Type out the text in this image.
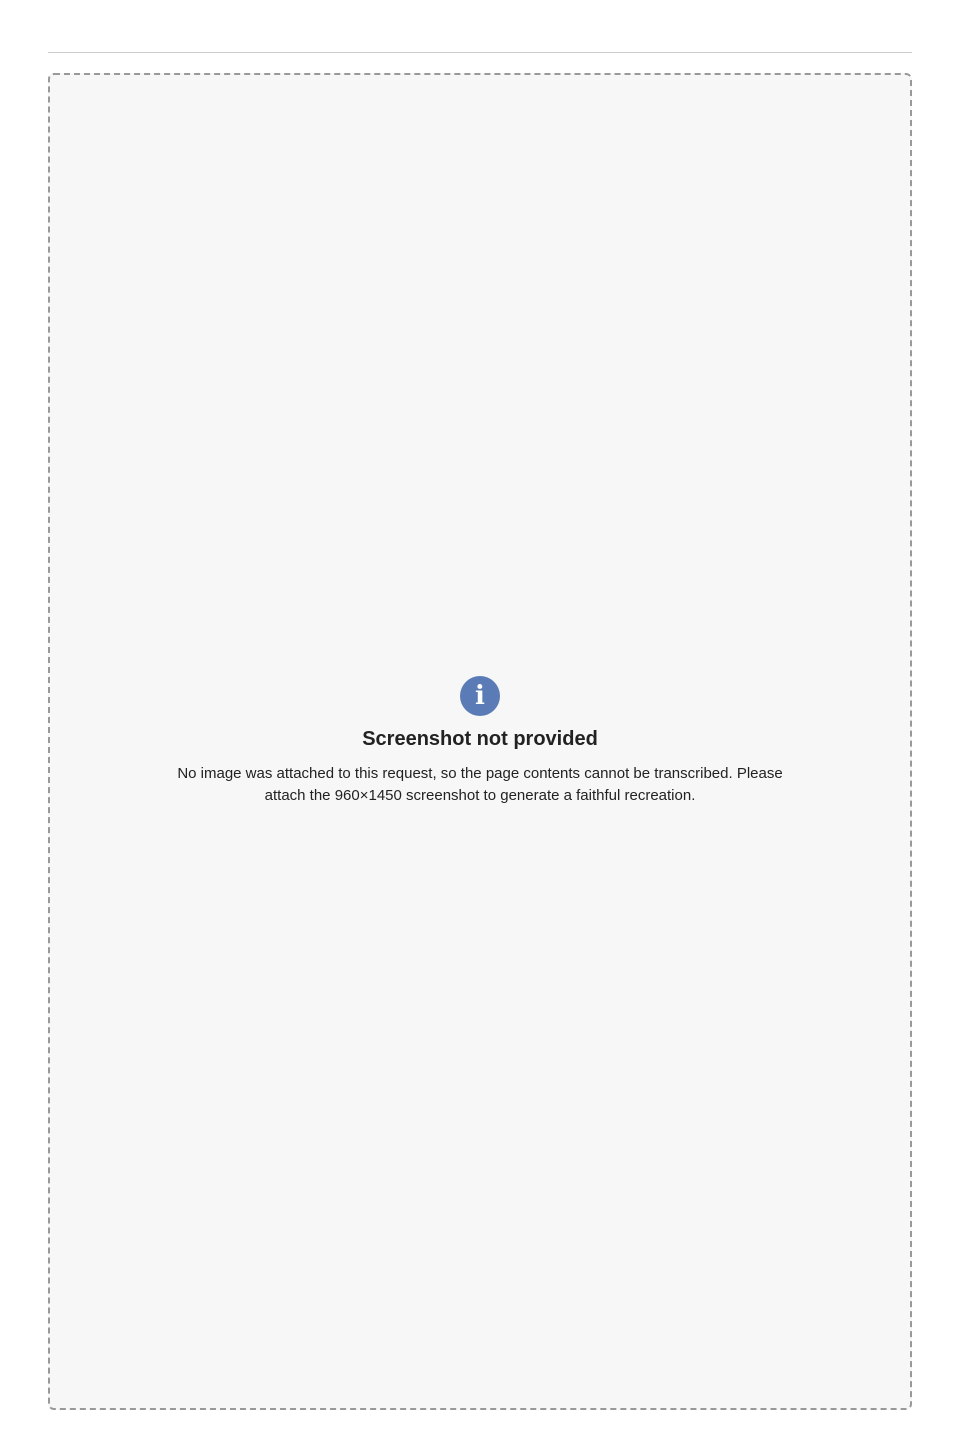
i

Screenshot not provided

No image was attached to this request, so the page contents cannot be transcribed. Please attach the 960×1450 screenshot to generate a faithful recreation.
